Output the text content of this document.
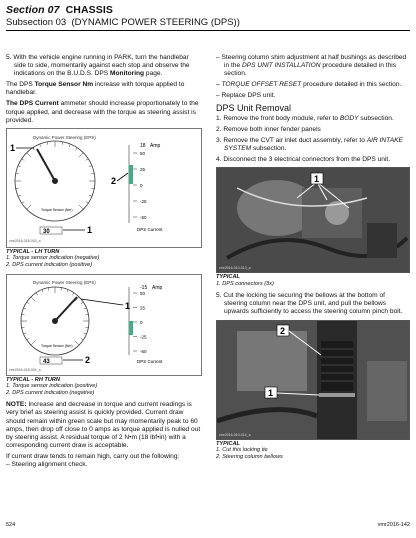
Section 07 CHASSIS
Subsection 03 (DYNAMIC POWER STEERING (DPS))

5. With the vehicle engine running in PARK, turn the handlebar side to side, momentarily against each stop and observe the indications on the B.U.D.S. DPS Monitoring page.

The DPS Torque Sensor Nm increase with torque applied to handlebar.

The DPS Current ammeter should increase proportionately to the torque applied, and decrease with the torque as steering assist is provided.

Dynamic Power Steering (EPS)
Torque Sensor (Nm)
30	1
50
25
0
-25
-50
18 Amp
DPS Current
1
2
vmr2016-018-003_a
TYPICAL - LH TURN
1. Torque sensor indication (negative)
2. DPS current indication (positive)
Dynamic Power Steering (EPS)
Torque Sensor (Nm)
43	2
50
25
0
-25
-50
-15 Amp
DPS Current
1
vmr2016-018-004_a
TYPICAL - RH TURN
1. Torque sensor indication (positive)
2. DPS current indication (negative)

NOTE: Increase and decrease in torque and current readings is very brief as steering assist is quickly provided. Current draw should remain within green scale but may momentarily peak to 60 amps, then drop off close to 0 amps as torque applied is nulled out by steering assist. A residual torque of 2 N•m (18 lbf•in) with a corresponding current draw is acceptable.

If current draw tends to remain high, carry out the following:

– Steering alignment check.

– Steering column shim adjustment at half bushings as described in the DPS UNIT INSTALLATION procedure detailed in this section.

– TORQUE OFFSET RESET procedure detailed in this section.

– Replace DPS unit.

DPS Unit Removal

1. Remove the front body module, refer to BODY subsection.

2. Remove both inner fender panels

3. Remove the CVT air inlet duct assembly, refer to AIR INTAKE SYSTEM subsection.

4. Disconnect the 3 electrical connectors from the DPS unit.

1
vmr2016-010-013_a
TYPICAL
1. DPS connectors (3x)

5. Cut the locking tie securing the bellows at the bottom of steering column near the DPS unit, and pull the bellows upwards sufficiently to access the steering column pinch bolt.

2
1
vmr2016-010-014_a
TYPICAL
1. Cut this locking tie
2. Steering column bellows
524	vmr2016-142
